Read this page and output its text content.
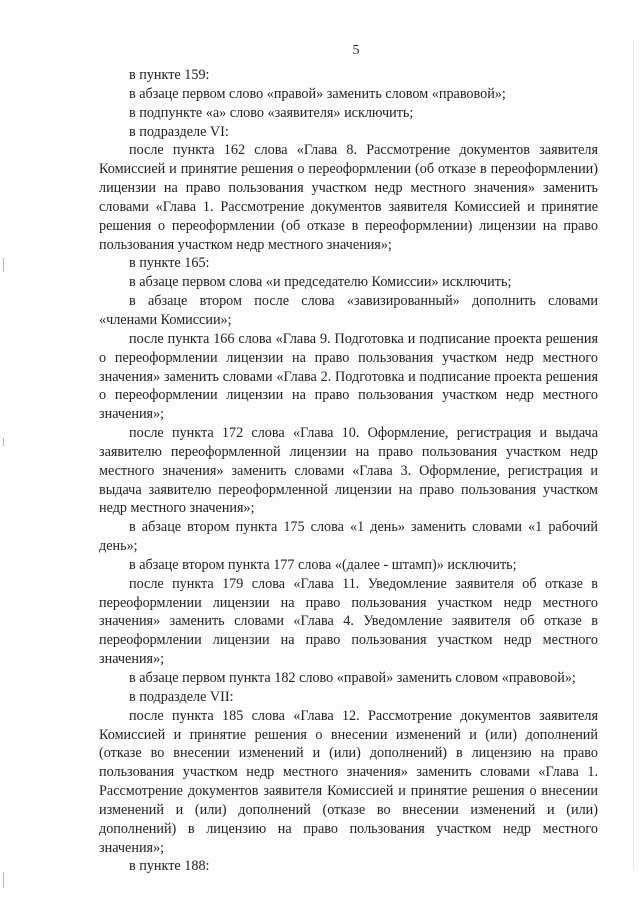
5

в пункте 159:

в абзаце первом слово «правой» заменить словом «правовой»;

в подпункте «а» слово «заявителя» исключить;

в подразделе VI:

после пункта 162 слова «Глава 8. Рассмотрение документов заявителя Комиссией и принятие решения о переоформлении (об отказе в переоформлении) лицензии на право пользования участком недр местного значения» заменить словами «Глава 1. Рассмотрение документов заявителя Комиссией и принятие решения о переоформлении (об отказе в переоформлении) лицензии на право пользования участком недр местного значения»;

в пункте 165:

в абзаце первом слова «и председателю Комиссии» исключить;

в абзаце втором после слова «завизированный» дополнить словами «членами Комиссии»;

после пункта 166 слова «Глава 9. Подготовка и подписание проекта решения о переоформлении лицензии на право пользования участком недр местного значения» заменить словами «Глава 2. Подготовка и подписание проекта решения о переоформлении лицензии на право пользования участком недр местного значения»;

после пункта 172 слова «Глава 10. Оформление, регистрация и выдача заявителю переоформленной лицензии на право пользования участком недр местного значения» заменить словами «Глава 3. Оформление, регистрация и выдача заявителю переоформленной лицензии на право пользования участком недр местного значения»;

в абзаце втором пункта 175 слова «1 день» заменить словами «1 рабочий день»;

в абзаце втором пункта 177 слова «(далее - штамп)» исключить;

после пункта 179 слова «Глава 11. Уведомление заявителя об отказе в переоформлении лицензии на право пользования участком недр местного значения» заменить словами «Глава 4. Уведомление заявителя об отказе в переоформлении лицензии на право пользования участком недр местного значения»;

в абзаце первом пункта 182 слово «правой» заменить словом «правовой»;

в подразделе VII:

после пункта 185 слова «Глава 12. Рассмотрение документов заявителя Комиссией и принятие решения о внесении изменений и (или) дополнений (отказе во внесении изменений и (или) дополнений) в лицензию на право пользования участком недр местного значения» заменить словами «Глава 1. Рассмотрение документов заявителя Комиссией и принятие решения о внесении изменений и (или) дополнений (отказе во внесении изменений и (или) дополнений) в лицензию на право пользования участком недр местного значения»;

в пункте 188:
